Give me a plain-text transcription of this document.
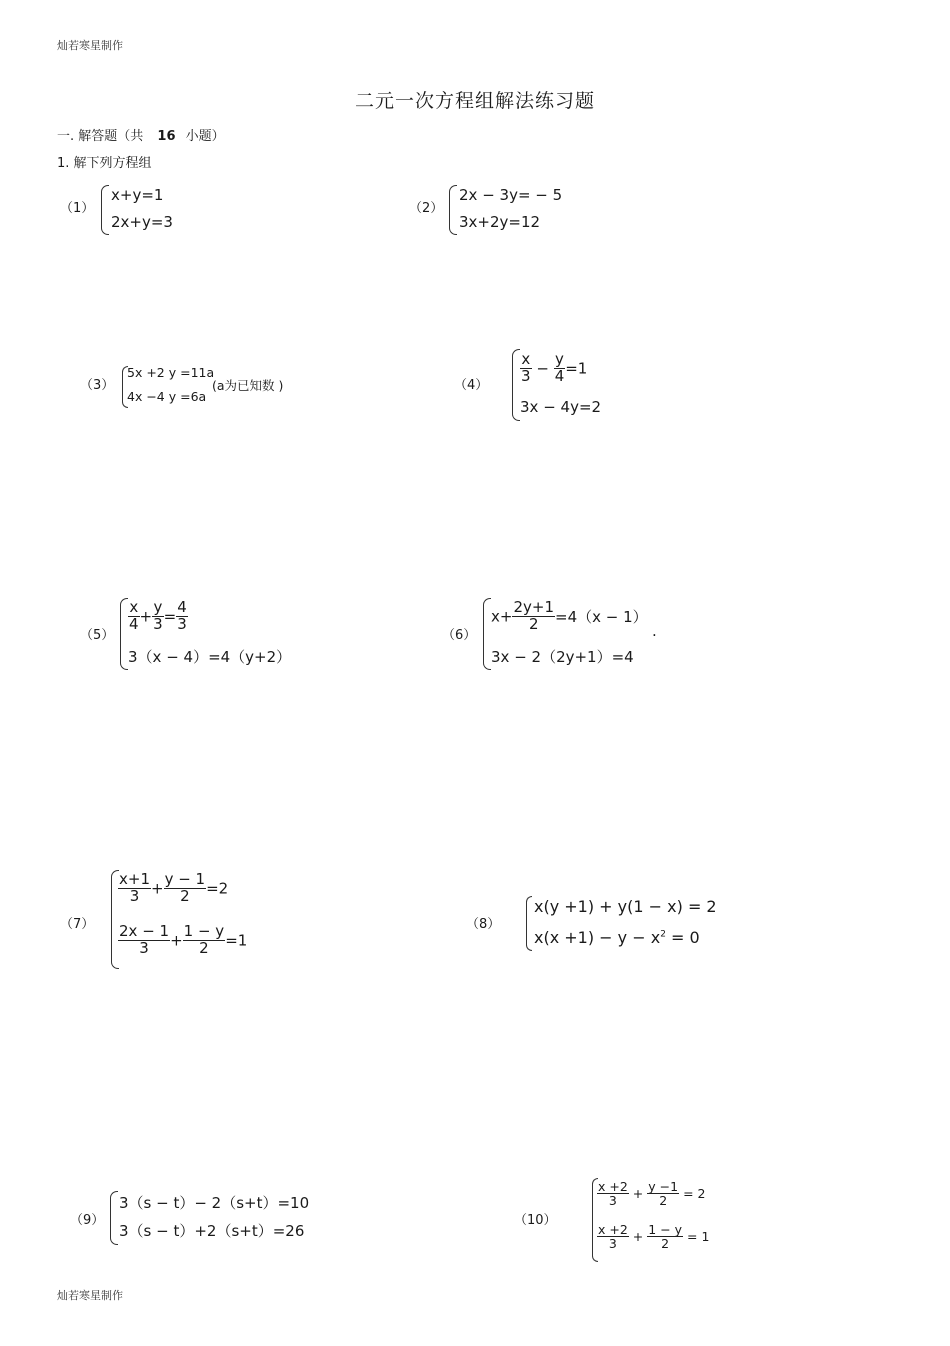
灿若寒星制作
灿若寒星制作
二元一次方程组解法练习题
一. 解答题（共 16 小题）
1. 解下列方程组
（1）
x+y=1
2x+y=3
（2）
2x − 3y= − 5
3x+2y=12
（3）
5x +2 y =11a
4x −4 y =6a
(a为已知数 )	（4）
$\frac{x}{3} - \frac{y}{4} =1$
3x − 4y=2
（5）
$\frac{x}{4} + \frac{y}{3} = \frac{4}{3}$
3（x − 4）=4（y+2）
（6）
$x+ \frac{2y+1}{2} =4(x - 1)$
3x − 2（2y+1）=4
.
（7）
$\frac{x+1}{3} + \frac{y - 1}{2} =2$
$\frac{2x - 1}{3} + \frac{1 - y}{2} =1$
（8）
x(y +1) + y(1 − x) = 2
$x(x +1) - y - x^2 = 0$
（9）
3（s − t）− 2（s+t）=10
3（s − t）+2（s+t）=26
（10）
$\frac{x +2}{3} + \frac{y -1}{2} = 2$
$\frac{x +2}{3} + \frac{1 - y}{2} = 1$
